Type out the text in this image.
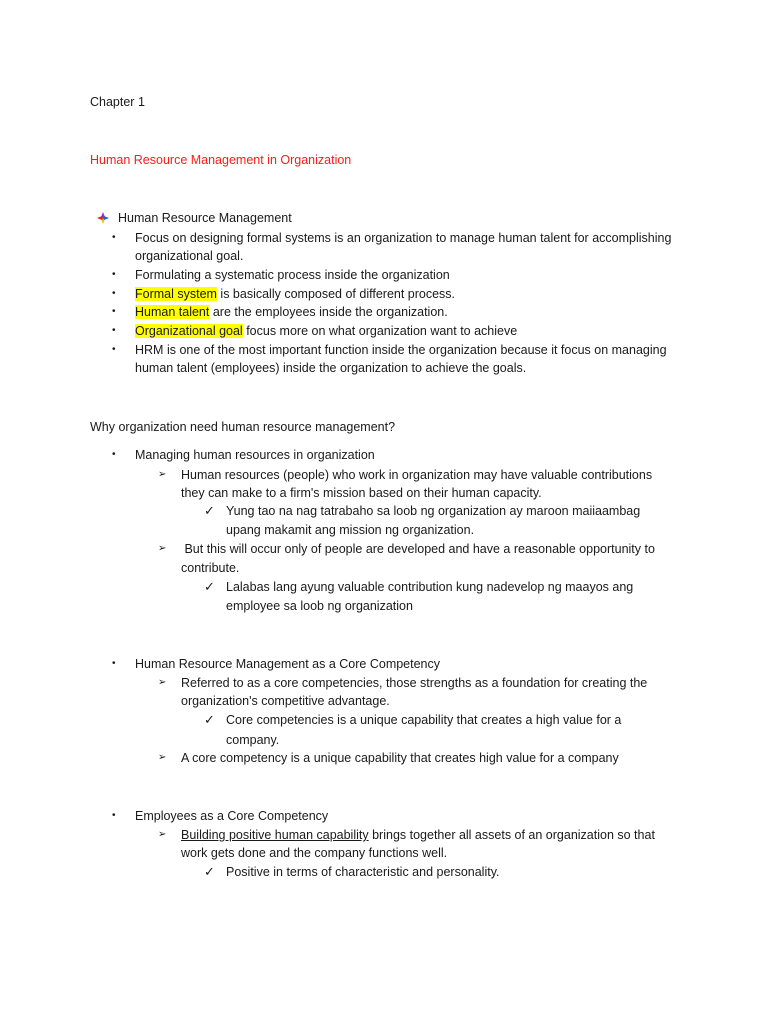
Chapter 1
Human Resource Management in Organization
Human Resource Management
• Focus on designing formal systems is an organization to manage human talent for accomplishing
organizational goal.
• Formulating a systematic process inside the organization
• Formal system is basically composed of different process.
• Human talent are the employees inside the organization.
• Organizational goal focus more on what organization want to achieve
• HRM is one of the most important function inside the organization because it focus on managing
human talent (employees) inside the organization to achieve the goals.
Why organization need human resource management?
• Managing human resources in organization
➢ Human resources (people) who work in organization may have valuable contributions
they can make to a firm's mission based on their human capacity.
✓ Yung tao na nag tatrabaho sa loob ng organization ay maroon maiiaambag
upang makamit ang mission ng organization.
➢ But this will occur only of people are developed and have a reasonable opportunity to
contribute.
✓ Lalabas lang ayung valuable contribution kung nadevelop ng maayos ang
employee sa loob ng organization
• Human Resource Management as a Core Competency
➢ Referred to as a core competencies, those strengths as a foundation for creating the
organization's competitive advantage.
✓ Core competencies is a unique capability that creates a high value for a
company.
➢ A core competency is a unique capability that creates high value for a company
• Employees as a Core Competency
➢ Building positive human capability brings together all assets of an organization so that
work gets done and the company functions well.
✓ Positive in terms of characteristic and personality.
